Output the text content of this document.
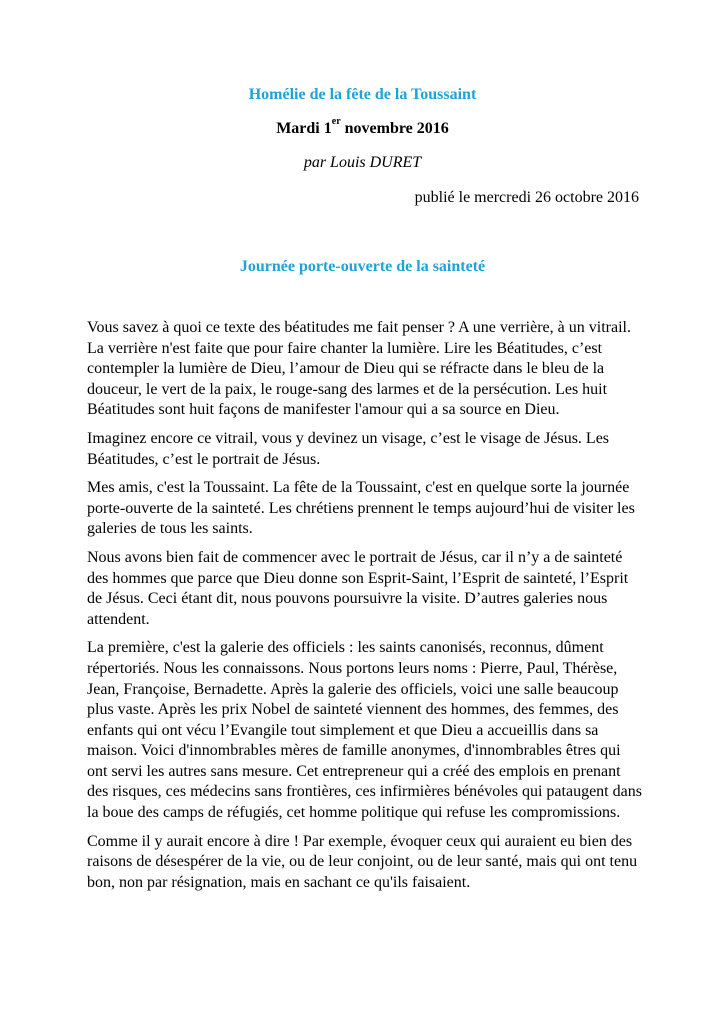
Homélie de la fête de la Toussaint
Mardi 1er novembre 2016
par Louis DURET
publié le mercredi 26 octobre 2016
Journée porte-ouverte de la sainteté

Vous savez à quoi ce texte des béatitudes me fait penser ? A une verrière, à un vitrail.

La verrière n'est faite que pour faire chanter la lumière. Lire les Béatitudes, c’est contempler la lumière de Dieu, l’amour de Dieu qui se réfracte dans le bleu de la douceur, le vert de la paix, le rouge-sang des larmes et de la persécution. Les huit Béatitudes sont huit façons de manifester l'amour qui a sa source en Dieu.

Imaginez encore ce vitrail, vous y devinez un visage, c’est le visage de Jésus. Les Béatitudes, c’est le portrait de Jésus.

Mes amis, c'est la Toussaint. La fête de la Toussaint, c'est en quelque sorte la journée porte-ouverte de la sainteté. Les chrétiens prennent le temps aujourd’hui de visiter les galeries de tous les saints.

Nous avons bien fait de commencer avec le portrait de Jésus, car il n’y a de sainteté des hommes que parce que Dieu donne son Esprit-Saint, l’Esprit de sainteté, l’Esprit de Jésus. Ceci étant dit, nous pouvons poursuivre la visite. D’autres galeries nous attendent.

La première, c'est la galerie des officiels : les saints canonisés, reconnus, dûment répertoriés. Nous les connaissons. Nous portons leurs noms : Pierre, Paul, Thérèse, Jean, Françoise, Bernadette. Après la galerie des officiels, voici une salle beaucoup plus vaste. Après les prix Nobel de sainteté viennent des hommes, des femmes, des enfants qui ont vécu l’Evangile tout simplement et que Dieu a accueillis dans sa maison. Voici d'innombrables mères de famille anonymes, d'innombrables êtres qui ont servi les autres sans mesure. Cet entrepreneur qui a créé des emplois en prenant des risques, ces médecins sans frontières, ces infirmières bénévoles qui pataugent dans la boue des camps de réfugiés, cet homme politique qui refuse les compromissions.

Comme il y aurait encore à dire ! Par exemple, évoquer ceux qui auraient eu bien des raisons de désespérer de la vie, ou de leur conjoint, ou de leur santé, mais qui ont tenu bon, non par résignation, mais en sachant ce qu'ils faisaient.
